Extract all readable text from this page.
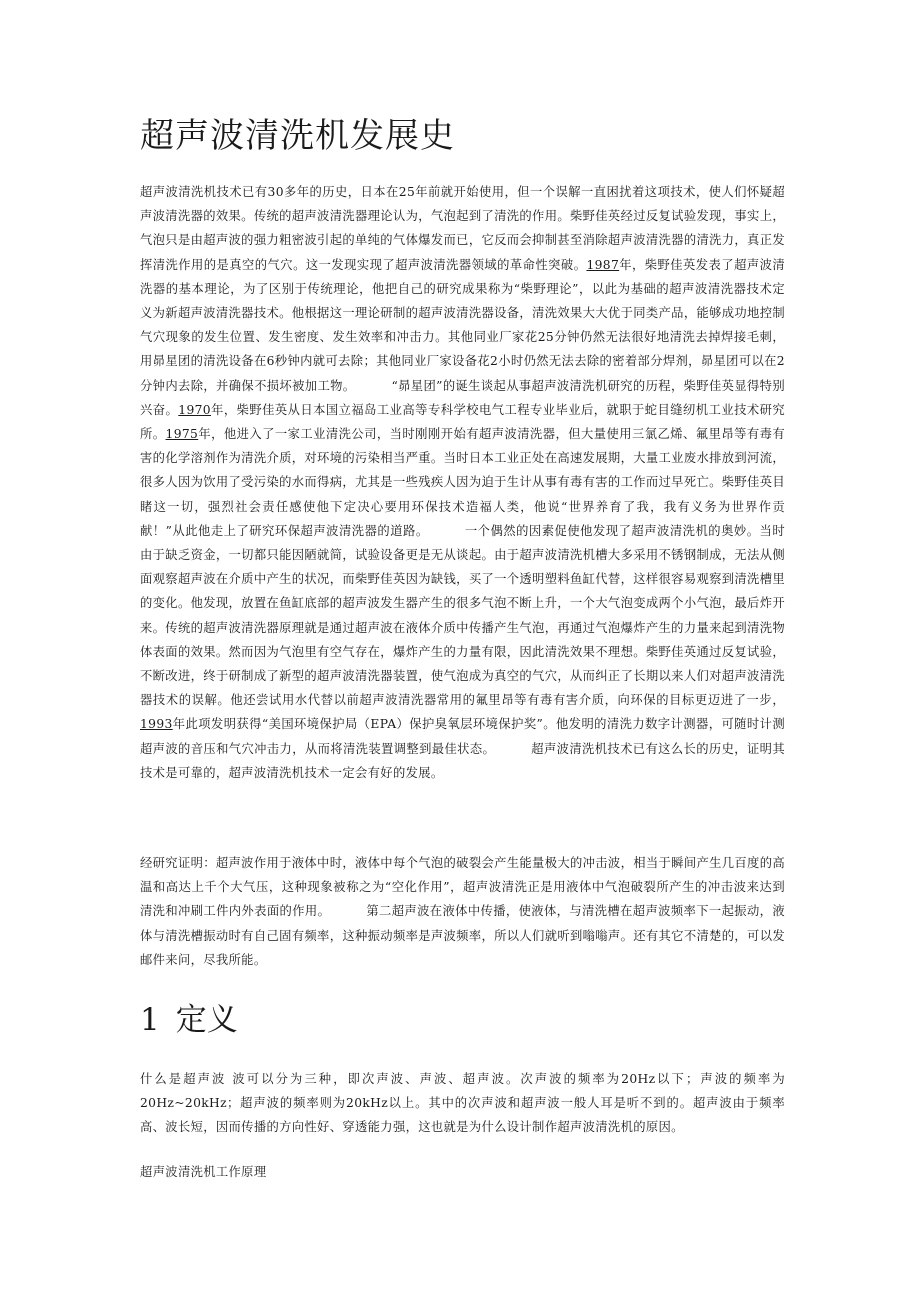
超声波清洗机发展史

超声波清洗机技术已有30多年的历史，日本在25年前就开始使用，但一个误解一直困扰着这项技术，使人们怀疑超声波清洗器的效果。传统的超声波清洗器理论认为，气泡起到了清洗的作用。柴野佳英经过反复试验发现，事实上，气泡只是由超声波的强力粗密波引起的单纯的气体爆发而已，它反而会抑制甚至消除超声波清洗器的清洗力，真正发挥清洗作用的是真空的气穴。这一发现实现了超声波清洗器领域的革命性突破。1987年，柴野佳英发表了超声波清洗器的基本理论，为了区别于传统理论，他把自己的研究成果称为“柴野理论”，以此为基础的超声波清洗器技术定义为新超声波清洗器技术。他根据这一理论研制的超声波清洗器设备，清洗效果大大优于同类产品，能够成功地控制气穴现象的发生位置、发生密度、发生效率和冲击力。其他同业厂家花25分钟仍然无法很好地清洗去掉焊接毛刺，用昴星团的清洗设备在6秒钟内就可去除；其他同业厂家设备花2小时仍然无法去除的密着部分焊剂，昴星团可以在2分钟内去除，并确保不损坏被加工物。	“昴星团”的诞生谈起从事超声波清洗机研究的历程，柴野佳英显得特别兴奋。1970年，柴野佳英从日本国立福岛工业高等专科学校电气工程专业毕业后，就职于蛇目缝纫机工业技术研究所。1975年，他进入了一家工业清洗公司，当时刚刚开始有超声波清洗器，但大量使用三氯乙烯、氟里昂等有毒有害的化学溶剂作为清洗介质，对环境的污染相当严重。当时日本工业正处在高速发展期，大量工业废水排放到河流，很多人因为饮用了受污染的水而得病，尤其是一些残疾人因为迫于生计从事有毒有害的工作而过早死亡。柴野佳英目睹这一切，强烈社会责任感使他下定决心要用环保技术造福人类，他说“世界养育了我，我有义务为世界作贡献！”从此他走上了研究环保超声波清洗器的道路。	一个偶然的因素促使他发现了超声波清洗机的奥妙。当时由于缺乏资金，一切都只能因陋就简，试验设备更是无从谈起。由于超声波清洗机槽大多采用不锈钢制成，无法从侧面观察超声波在介质中产生的状况，而柴野佳英因为缺钱，买了一个透明塑料鱼缸代替，这样很容易观察到清洗槽里的变化。他发现，放置在鱼缸底部的超声波发生器产生的很多气泡不断上升，一个大气泡变成两个小气泡，最后炸开来。传统的超声波清洗器原理就是通过超声波在液体介质中传播产生气泡，再通过气泡爆炸产生的力量来起到清洗物体表面的效果。然而因为气泡里有空气存在，爆炸产生的力量有限，因此清洗效果不理想。柴野佳英通过反复试验，不断改进，终于研制成了新型的超声波清洗器装置，使气泡成为真空的气穴，从而纠正了长期以来人们对超声波清洗器技术的误解。他还尝试用水代替以前超声波清洗器常用的氟里昂等有毒有害介质，向环保的目标更迈进了一步，1993年此项发明获得“美国环境保护局（EPA）保护臭氧层环境保护奖”。他发明的清洗力数字计测器，可随时计测超声波的音压和气穴冲击力，从而将清洗装置调整到最佳状态。	超声波清洗机技术已有这么长的历史，证明其技术是可靠的，超声波清洗机技术一定会有好的发展。

经研究证明：超声波作用于液体中时，液体中每个气泡的破裂会产生能量极大的冲击波，相当于瞬间产生几百度的高温和高达上千个大气压，这种现象被称之为“空化作用”，超声波清洗正是用液体中气泡破裂所产生的冲击波来达到清洗和冲刷工件内外表面的作用。	第二超声波在液体中传播，使液体，与清洗槽在超声波频率下一起振动，液体与清洗槽振动时有自己固有频率，这种振动频率是声波频率，所以人们就听到嗡嗡声。还有其它不清楚的，可以发邮件来问，尽我所能。

1 定义

什么是超声波 波可以分为三种，即次声波、声波、超声波。次声波的频率为20Hz以下；声波的频率为20Hz~20kHz；超声波的频率则为20kHz以上。其中的次声波和超声波一般人耳是听不到的。超声波由于频率高、波长短，因而传播的方向性好、穿透能力强，这也就是为什么设计制作超声波清洗机的原因。

超声波清洗机工作原理
